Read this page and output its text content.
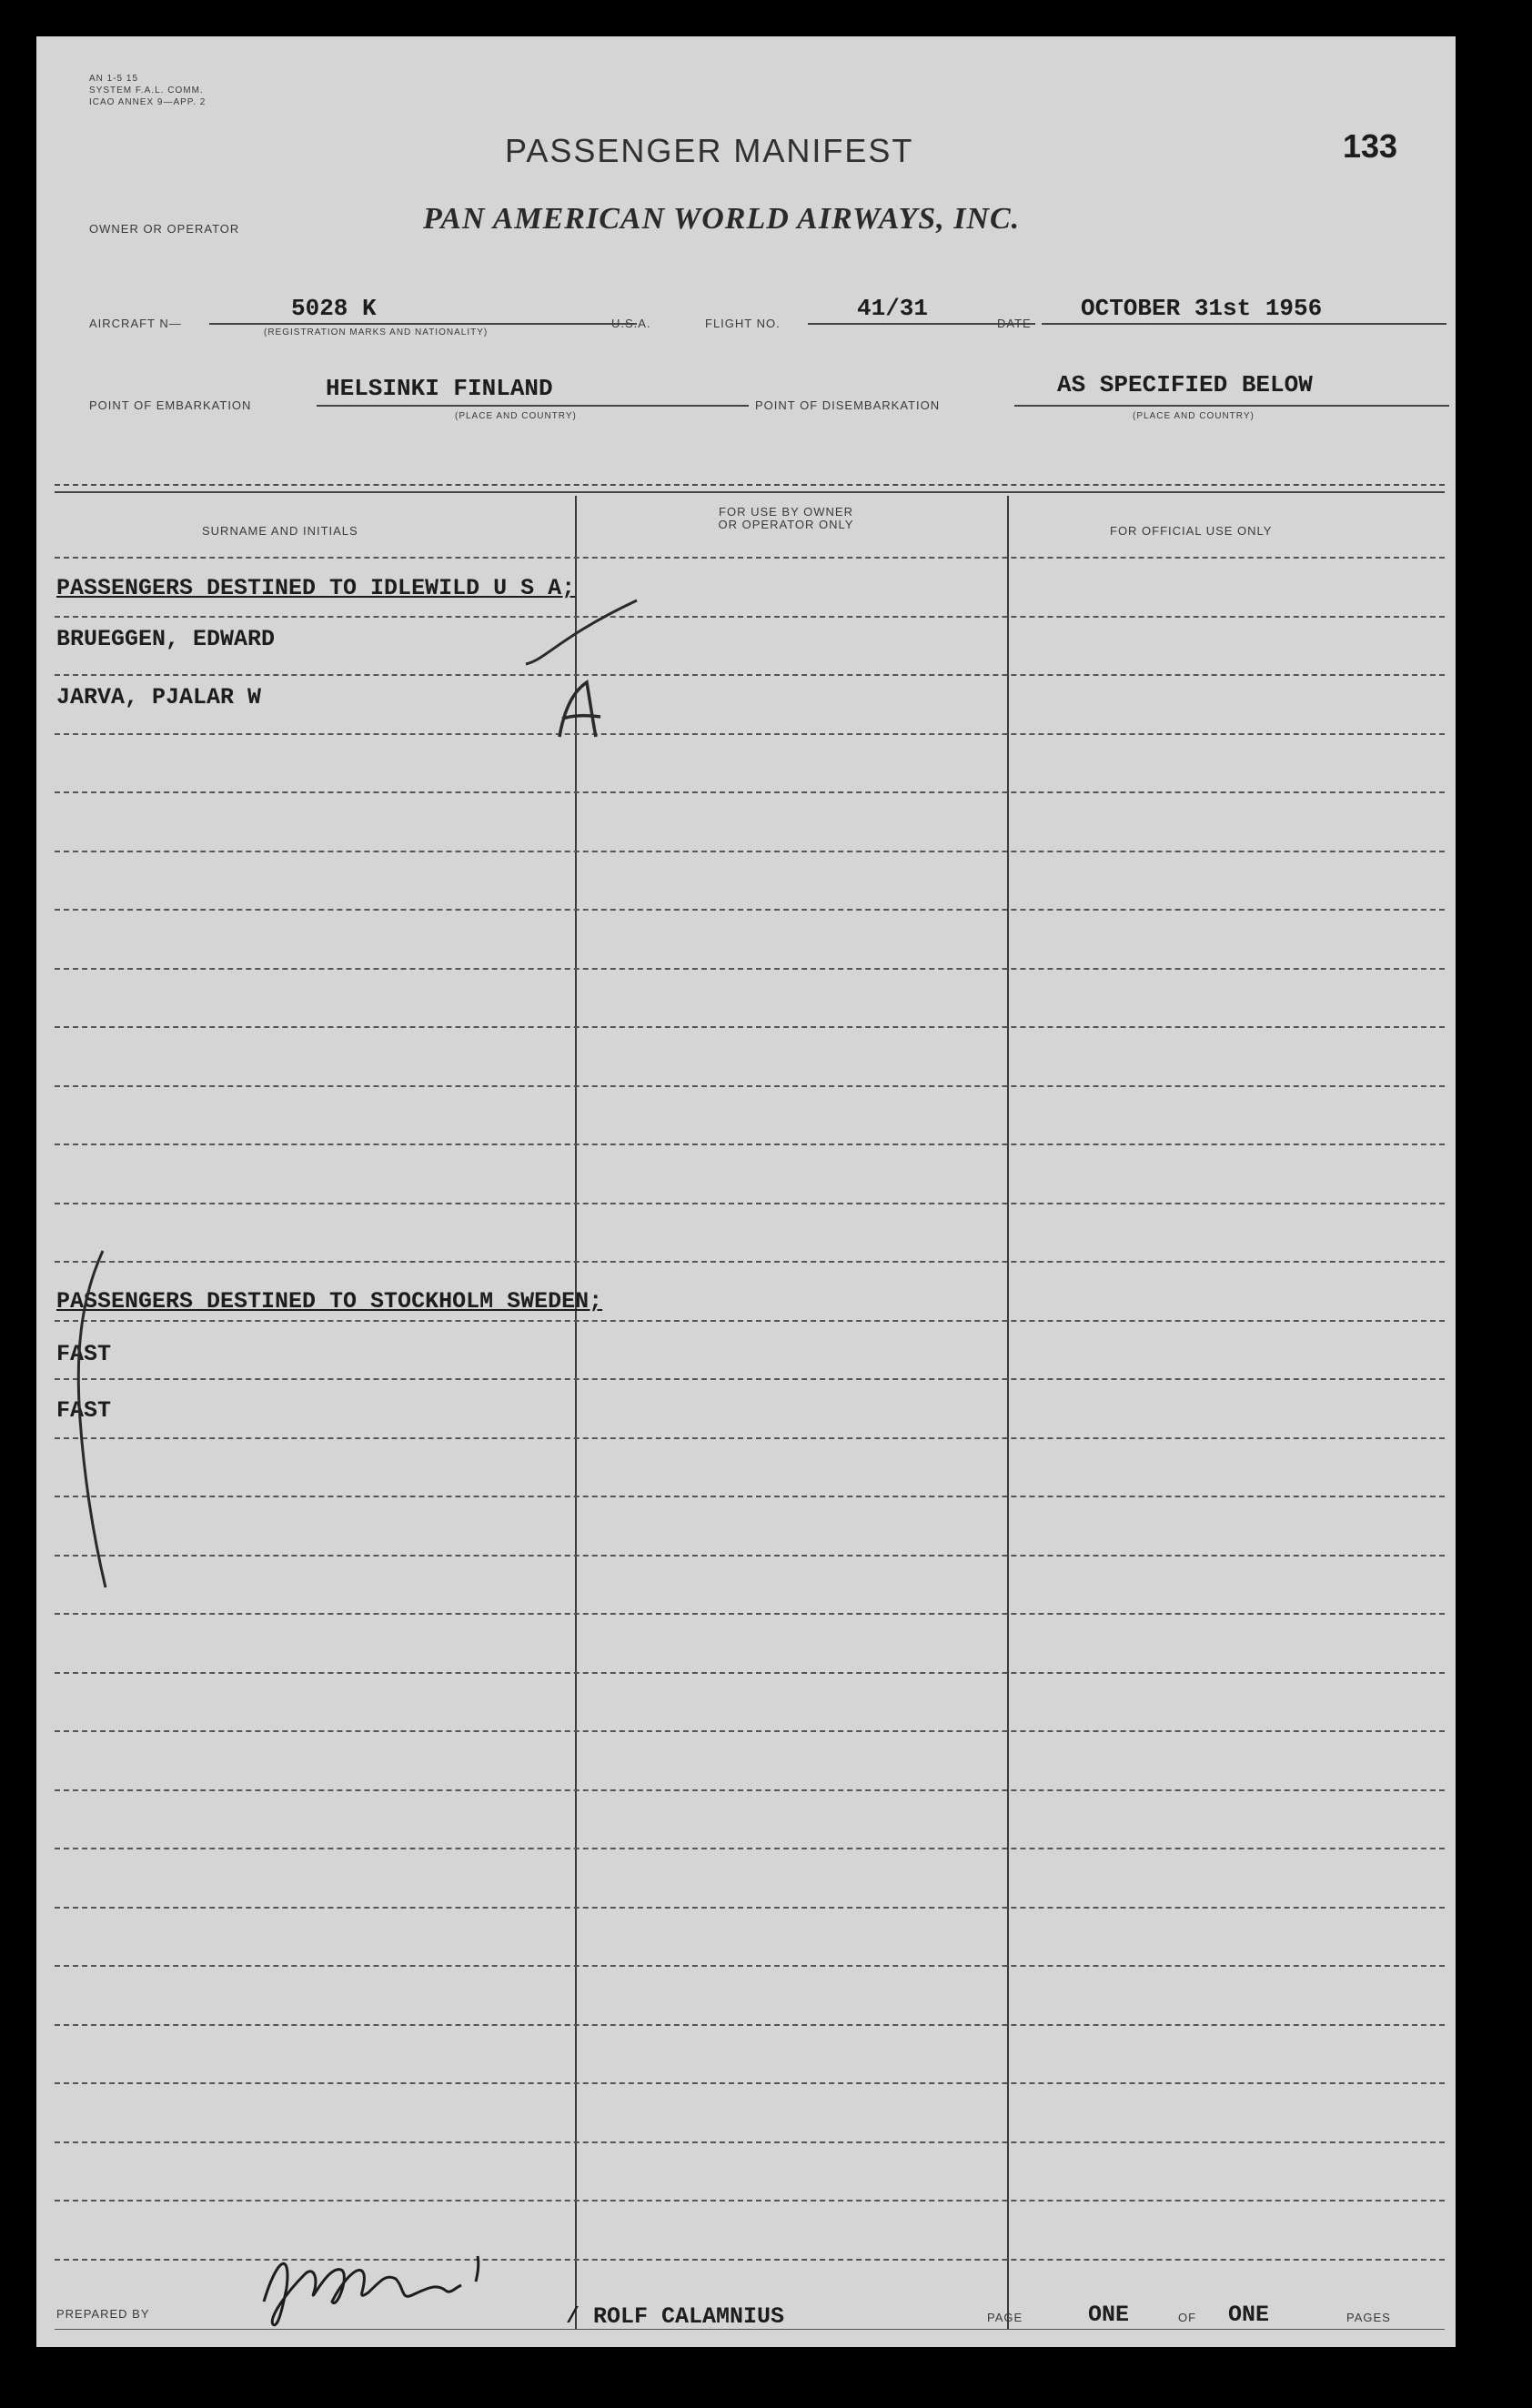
AN 1-5 15
SYSTEM F.A.L. COMM.
ICAO ANNEX 9—APP. 2
PASSENGER MANIFEST	133
OWNER OR OPERATOR	PAN AMERICAN WORLD AIRWAYS, INC.
AIRCRAFT N—
5028 K
(REGISTRATION MARKS AND NATIONALITY)
U.S.A.	FLIGHT NO.
41/31
DATE
OCTOBER 31st 1956
POINT OF EMBARKATION
HELSINKI FINLAND
(PLACE AND COUNTRY)
POINT OF DISEMBARKATION
AS SPECIFIED BELOW
(PLACE AND COUNTRY)
SURNAME AND INITIALS
FOR USE BY OWNER
OR OPERATOR ONLY	FOR OFFICIAL USE ONLY
PASSENGERS DESTINED TO IDLEWILD U S A;
BRUEGGEN, EDWARD
JARVA, PJALAR W
PASSENGERS DESTINED TO STOCKHOLM SWEDEN;
FAST
FAST
PREPARED BY	/ ROLF CALAMNIUS	PAGE	ONE	OF ONE	PAGES
